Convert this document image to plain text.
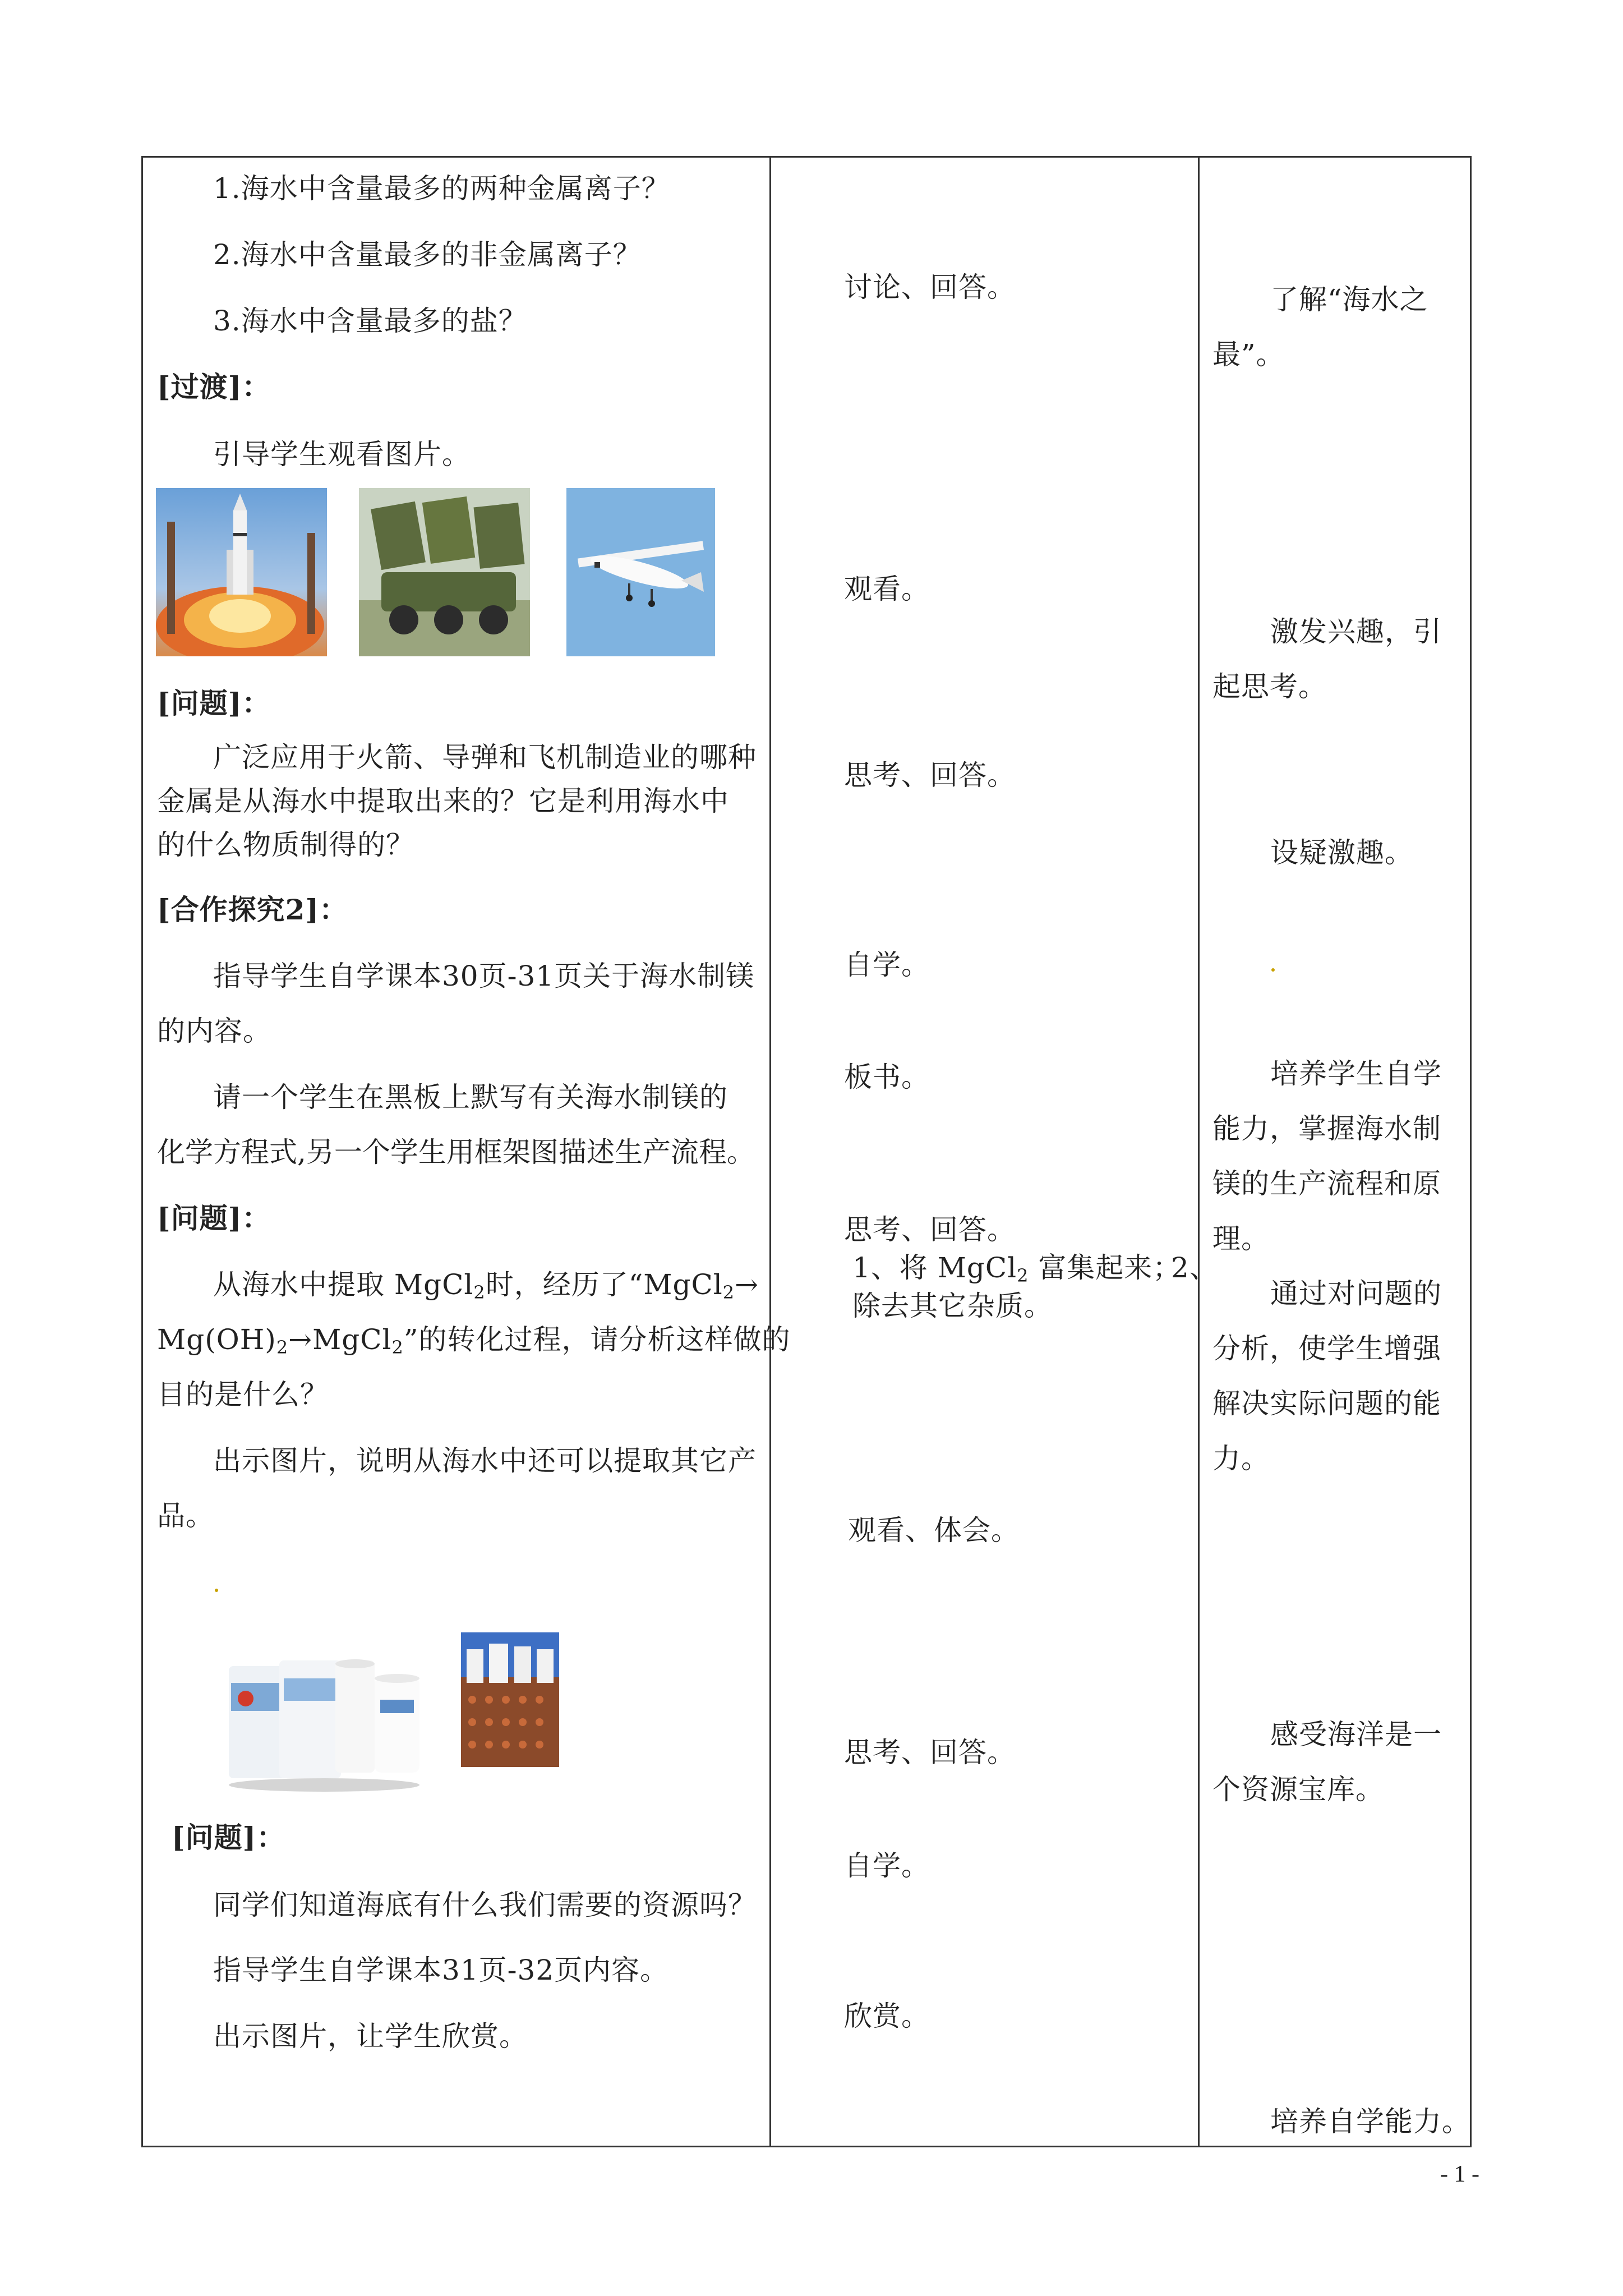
1.海水中含量最多的两种金属离子？
2.海水中含量最多的非金属离子？
3.海水中含量最多的盐？
[过渡]：
引导学生观看图片。
[问题]：
广泛应用于火箭、导弹和飞机制造业的哪种
金属是从海水中提取出来的？它是利用海水中
的什么物质制得的？
[合作探究2]：
指导学生自学课本30页-31页关于海水制镁
的内容。
请一个学生在黑板上默写有关海水制镁的
化学方程式,另一个学生用框架图描述生产流程。
[问题]：
从海水中提取 MgCl$_2$时，经历了“MgCl$_2$→
$Mg(OH)_2\to MgCl_2$”的转化过程，请分析这样做的
目的是什么？
出示图片，说明从海水中还可以提取其它产
品。
[问题]：
同学们知道海底有什么我们需要的资源吗？
指导学生自学课本31页-32页内容。
出示图片，让学生欣赏。
讨论、回答。
观看。
思考、回答。
自学。
板书。
思考、回答。
1、将 MgCl$_2$ 富集起来；
2、
除去其它杂质。
观看、体会。
思考、回答。
自学。
欣赏。
了解“海水之
最”。
激发兴趣，引
起思考。
设疑激趣。
培养学生自学
能力，掌握海水制
镁的生产流程和原
理。
通过对问题的
分析，使学生增强
解决实际问题的能
力。
感受海洋是一
个资源宝库。
培养自学能力。
- 1 -
